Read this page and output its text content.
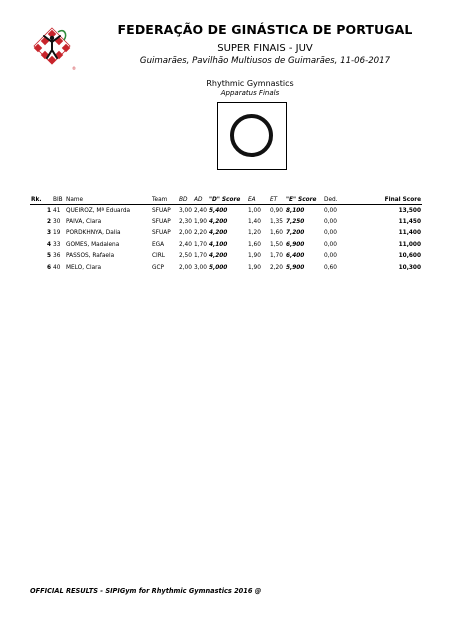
®
FEDERAÇÃO DE GINÁSTICA DE PORTUGAL
SUPER FINAIS - JUV
Guimarães, Pavilhão Multiusos de Guimarães, 11-06-2017
Rhythmic Gymnastics
Apparatus Finals
Rk.	BIB	Name	Team	BD	AD	"D" Score	EA	ET	"E" Score	Ded.	Final Score
1	41	QUEIROZ, Mª Eduarda	SFUAP	3,00	2,40	5,400	1,00	0,90	8,100	0,00	13,500
2	30	PAIVA, Clara	SFUAP	2,30	1,90	4,200	1,40	1,35	7,250	0,00	11,450
3	19	PORDKHNYA, Dalia	SFUAP	2,00	2,20	4,200	1,20	1,60	7,200	0,00	11,400
4	33	GOMES, Madalena	EGA	2,40	1,70	4,100	1,60	1,50	6,900	0,00	11,000
5	36	PASSOS, Rafaela	CIRL	2,50	1,70	4,200	1,90	1,70	6,400	0,00	10,600
6	40	MELO, Clara	GCP	2,00	3,00	5,000	1,90	2,20	5,900	0,60	10,300
OFFICIAL RESULTS - SIPIGym for Rhythmic Gymnastics 2016 @
